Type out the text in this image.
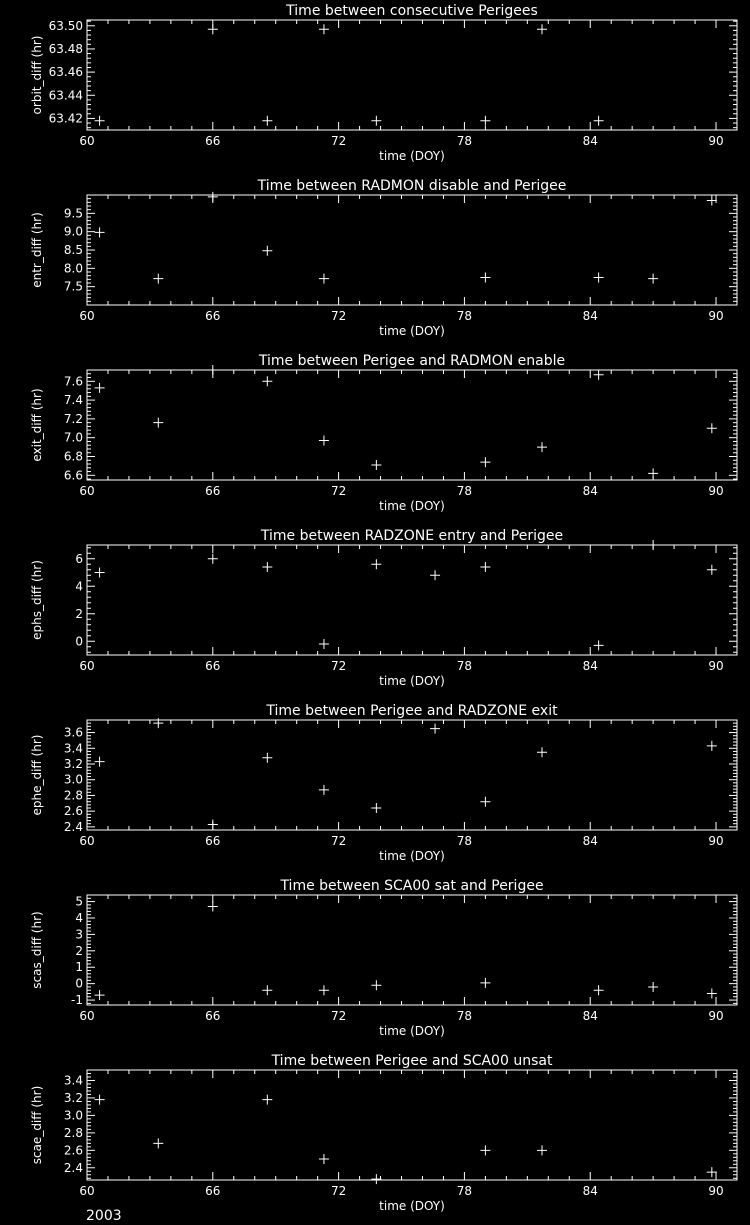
Time between consecutive Perigees
time (DOY)
orbit_diff (hr)
60	66	72	78	84	90
63.42
63.44
63.46
63.48
63.50
Time between RADMON disable and Perigee
time (DOY)
entr_diff (hr)
60	66	72	78	84	90
7.5
8.0
8.5
9.0
9.5
Time between Perigee and RADMON enable
time (DOY)
exit_diff (hr)
60	66	72	78	84	90
6.6
6.8
7.0
7.2
7.4
7.6
Time between RADZONE entry and Perigee
time (DOY)
ephs_diff (hr)
60	66	72	78	84	90
0
2
4
6
Time between Perigee and RADZONE exit
time (DOY)
ephe_diff (hr)
60	66	72	78	84	90
2.4
2.6
2.8
3.0
3.2
3.4
3.6
Time between SCA00 sat and Perigee
time (DOY)
scas_diff (hr)
60	66	72	78	84	90
-1
0
1
2
3
4
5
Time between Perigee and SCA00 unsat
time (DOY)
scae_diff (hr)
60	66	72	78	84	90
2.4
2.6
2.8
3.0
3.2
3.4
2003
